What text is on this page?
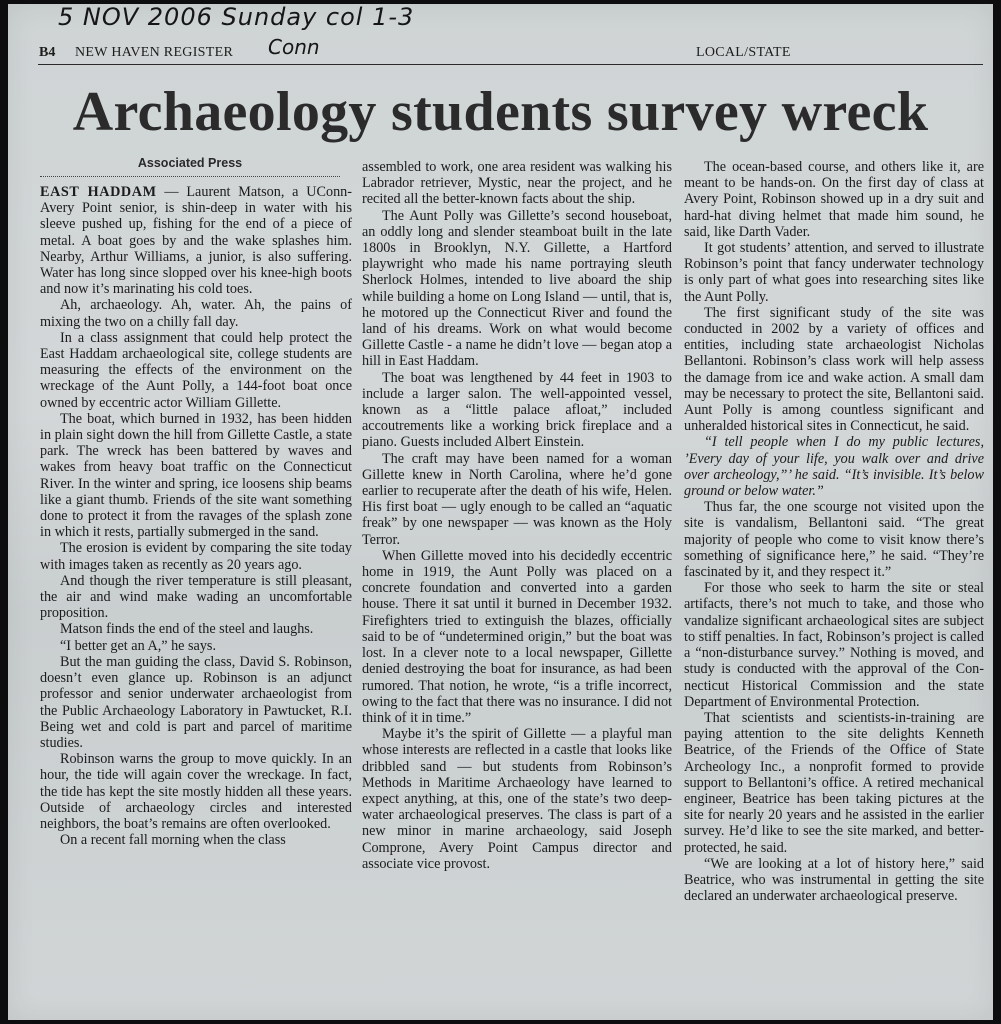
5 NOV 2006 Sunday col 1-3
Conn
B4 NEW HAVEN REGISTER	LOCAL/STATE
Archaeology students survey wreck
Associated Press

EAST HADDAM — Laurent Matson, a UConn-Avery Point senior, is shin-deep in water with his sleeve pushed up, fishing for the end of a piece of metal. A boat goes by and the wake splashes him. Nearby, Arthur Williams, a junior, is also suffering. Water has long since slopped over his knee-high boots and now it’s marinating his cold toes.

Ah, archaeology. Ah, water. Ah, the pains of mixing the two on a chilly fall day.

In a class assignment that could help protect the East Haddam archaeological site, college students are measuring the effects of the environment on the wreckage of the Aunt Polly, a 144-foot boat once owned by eccentric actor William Gillette.

The boat, which burned in 1932, has been hidden in plain sight down the hill from Gillette Castle, a state park. The wreck has been battered by waves and wakes from heavy boat traffic on the Connecticut River. In the winter and spring, ice loosens ship beams like a giant thumb. Friends of the site want something done to protect it from the ravages of the splash zone in which it rests, partially submerged in the sand.

The erosion is evident by comparing the site today with images taken as recently as 20 years ago.

And though the river temperature is still pleasant, the air and wind make wading an uncomfortable proposition.

Matson finds the end of the steel and laughs.

“I better get an A,” he says.

But the man guiding the class, David S. Robinson, doesn’t even glance up. Robinson is an adjunct professor and senior underwater archaeologist from the Public Archaeology Laboratory in Pawtucket, R.I. Being wet and cold is part and parcel of maritime studies.

Robinson warns the group to move quickly. In an hour, the tide will again cover the wreckage. In fact, the tide has kept the site mostly hidden all these years. Outside of archaeology circles and interested neighbors, the boat’s remains are often overlooked.

On a recent fall morning when the class

assembled to work, one area resident was walking his Labrador retriever, Mystic, near the project, and he recited all the better-known facts about the ship.

The Aunt Polly was Gillette’s second houseboat, an oddly long and slender steamboat built in the late 1800s in Brooklyn, N.Y. Gillette, a Hartford playwright who made his name portraying sleuth Sherlock Holmes, intended to live aboard the ship while building a home on Long Island — until, that is, he motored up the Connecticut River and found the land of his dreams. Work on what would become Gillette Castle - a name he didn’t love — began atop a hill in East Haddam.

The boat was lengthened by 44 feet in 1903 to include a larger salon. The well-appointed vessel, known as a “little palace afloat,” included accoutrements like a working brick fireplace and a piano. Guests included Albert Einstein.

The craft may have been named for a woman Gillette knew in North Carolina, where he’d gone earlier to recuperate after the death of his wife, Helen. His first boat — ugly enough to be called an “aquatic freak” by one newspaper — was known as the Holy Terror.

When Gillette moved into his decidedly eccentric home in 1919, the Aunt Polly was placed on a concrete foundation and converted into a garden house. There it sat until it burned in December 1932. Firefighters tried to extinguish the blazes, officially said to be of “undetermined origin,” but the boat was lost. In a clever note to a local newspaper, Gillette denied destroying the boat for insurance, as had been rumored. That notion, he wrote, “is a trifle incorrect, owing to the fact that there was no insurance. I did not think of it in time.”

Maybe it’s the spirit of Gillette — a playful man whose interests are reflected in a castle that looks like dribbled sand — but students from Robinson’s Methods in Maritime Archaeology have learned to expect anything, at this, one of the state’s two deep-water archaeological preserves. The class is part of a new minor in marine archaeology, said Joseph Comprone, Avery Point Campus director and associate vice provost.

The ocean-based course, and others like it, are meant to be hands-on. On the first day of class at Avery Point, Robinson showed up in a dry suit and hard-hat diving helmet that made him sound, he said, like Darth Vader.

It got students’ attention, and served to illustrate Robinson’s point that fancy underwater technology is only part of what goes into researching sites like the Aunt Polly.

The first significant study of the site was conducted in 2002 by a variety of offices and entities, including state archaeologist Nicholas Bellantoni. Robinson’s class work will help assess the damage from ice and wake action. A small dam may be necessary to protect the site, Bellantoni said. Aunt Polly is among countless significant and unheralded historical sites in Connecticut, he said.

“I tell people when I do my public lectures, ’Every day of your life, you walk over and drive over archeology,”’ he said. “It’s invisible. It’s below ground or below water.”

Thus far, the one scourge not visited upon the site is vandalism, Bellantoni said. “The great majority of people who come to visit know there’s something of significance here,” he said. “They’re fascinated by it, and they respect it.”

For those who seek to harm the site or steal artifacts, there’s not much to take, and those who vandalize significant archaeological sites are subject to stiff penalties. In fact, Robinson’s project is called a “non-disturbance survey.” Nothing is moved, and study is conducted with the approval of the Connecticut Historical Commission and the state Department of Environmental Protection.

That scientists and scientists-in-training are paying attention to the site delights Kenneth Beatrice, of the Friends of the Office of State Archeology Inc., a nonprofit formed to provide support to Bellantoni’s office. A retired mechanical engineer, Beatrice has been taking pictures at the site for nearly 20 years and he assisted in the earlier survey. He’d like to see the site marked, and better-protected, he said.

“We are looking at a lot of history here,” said Beatrice, who was instrumental in getting the site declared an underwater archaeological preserve.
